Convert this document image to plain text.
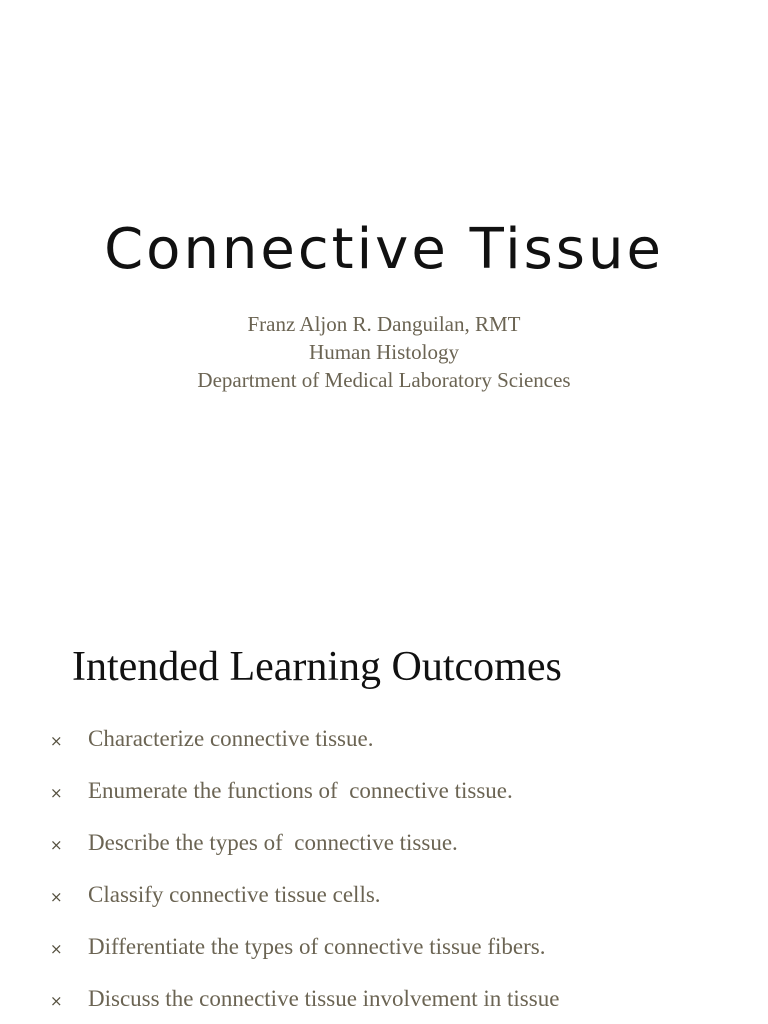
Connective Tissue
Franz Aljon R. Danguilan, RMT
Human Histology
Department of Medical Laboratory Sciences
Intended Learning Outcomes
× Characterize connective tissue.
× Enumerate the functions of  connective tissue.
× Describe the types of  connective tissue.
× Classify connective tissue cells.
× Differentiate the types of connective tissue fibers.
× Discuss the connective tissue involvement in tissue
